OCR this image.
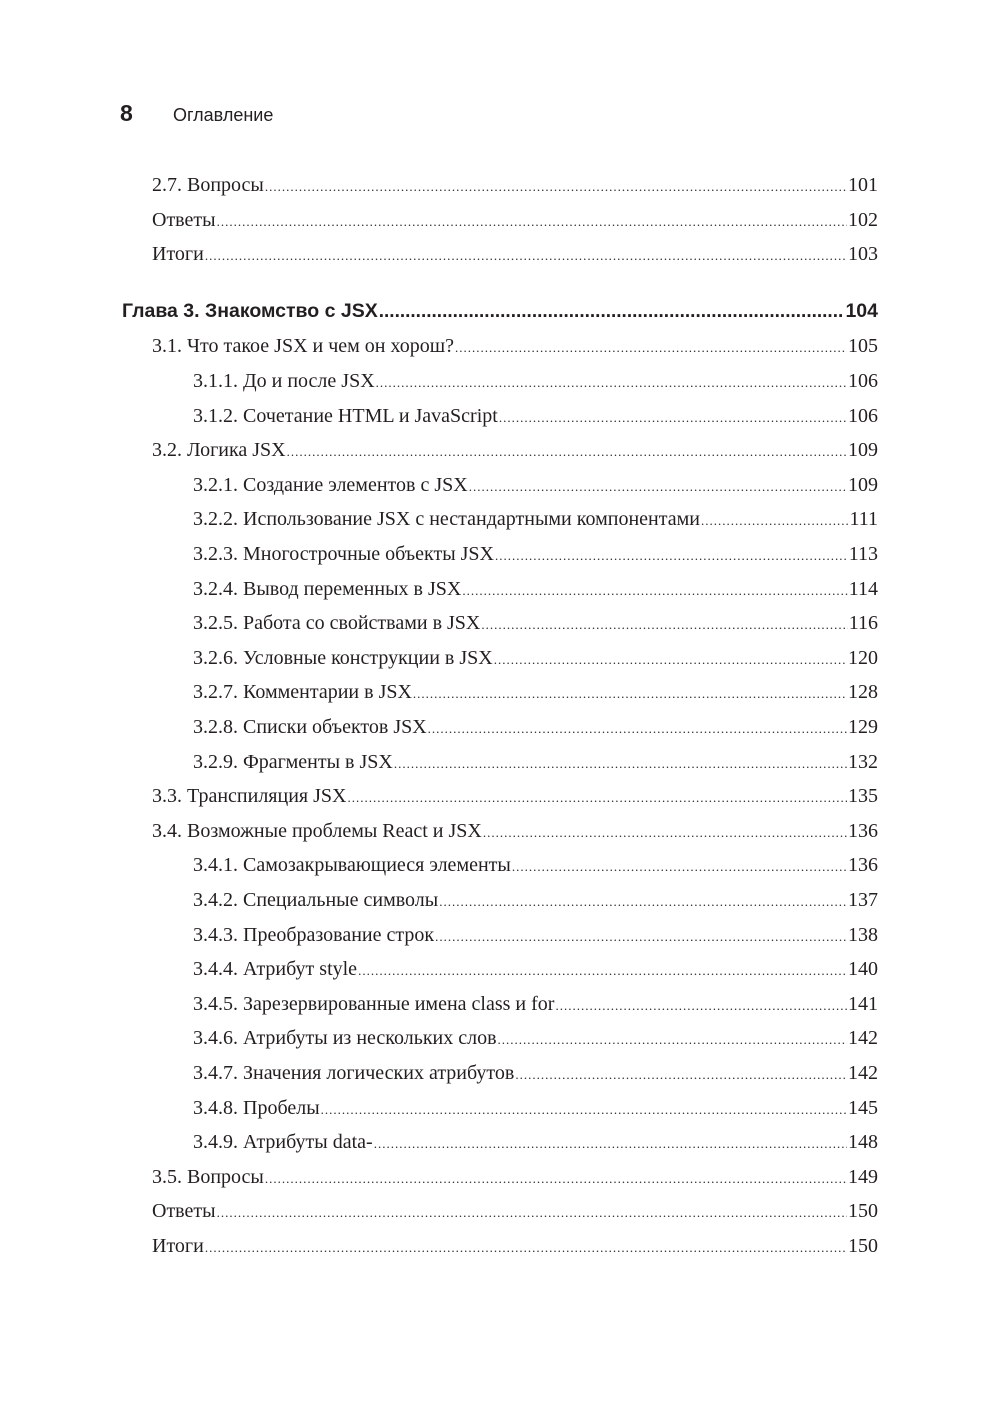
8	Оглавление
2.7. Вопросы .....	101
Ответы .....	102
Итоги .....	103
Глава 3. Знакомство с JSX .....	104
3.1. Что такое JSX и чем он хорош? .....	105
3.1.1. До и после JSX .....	106
3.1.2. Сочетание HTML и JavaScript .....	106
3.2. Логика JSX .....	109
3.2.1. Создание элементов с JSX .....	109
3.2.2. Использование JSX с нестандартными компонентами .....	111
3.2.3. Многострочные объекты JSX .....	113
3.2.4. Вывод переменных в JSX .....	114
3.2.5. Работа со свойствами в JSX .....	116
3.2.6. Условные конструкции в JSX .....	120
3.2.7. Комментарии в JSX .....	128
3.2.8. Списки объектов JSX .....	129
3.2.9. Фрагменты в JSX .....	132
3.3. Транспиляция JSX .....	135
3.4. Возможные проблемы React и JSX .....	136
3.4.1. Самозакрывающиеся элементы .....	136
3.4.2. Специальные символы .....	137
3.4.3. Преобразование строк .....	138
3.4.4. Атрибут style .....	140
3.4.5. Зарезервированные имена class и for .....	141
3.4.6. Атрибуты из нескольких слов .....	142
3.4.7. Значения логических атрибутов .....	142
3.4.8. Пробелы .....	145
3.4.9. Атрибуты data- .....	148
3.5. Вопросы .....	149
Ответы .....	150
Итоги .....	150
